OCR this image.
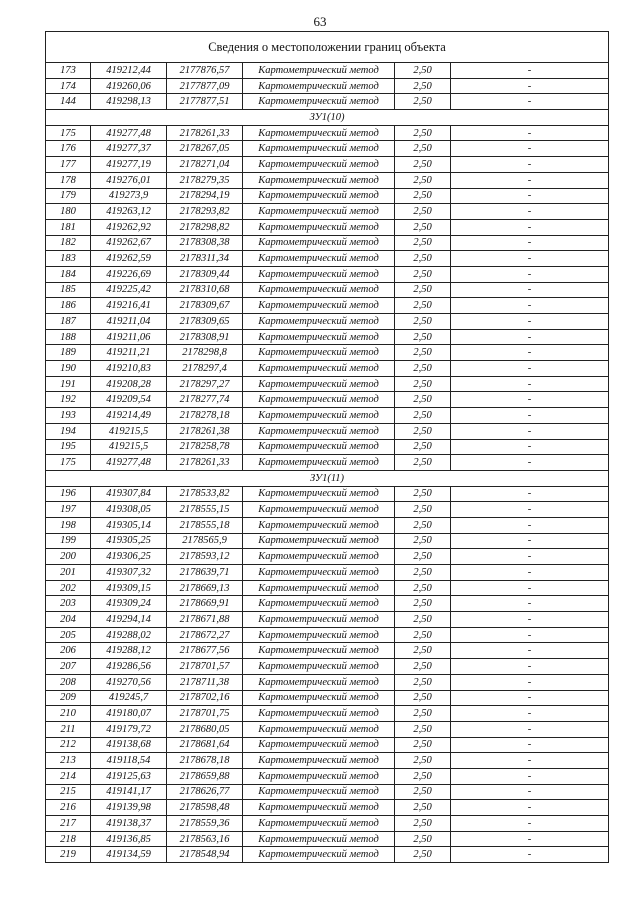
63
Сведения о местоположении границ объекта					
173	419212,44	2177876,57	Картометрический метод	2,50	-
174	419260,06	2177877,09	Картометрический метод	2,50	-
144	419298,13	2177877,51	Картометрический метод	2,50	-
ЗУ1(10)					
175	419277,48	2178261,33	Картометрический метод	2,50	-
176	419277,37	2178267,05	Картометрический метод	2,50	-
177	419277,19	2178271,04	Картометрический метод	2,50	-
178	419276,01	2178279,35	Картометрический метод	2,50	-
179	419273,9	2178294,19	Картометрический метод	2,50	-
180	419263,12	2178293,82	Картометрический метод	2,50	-
181	419262,92	2178298,82	Картометрический метод	2,50	-
182	419262,67	2178308,38	Картометрический метод	2,50	-
183	419262,59	2178311,34	Картометрический метод	2,50	-
184	419226,69	2178309,44	Картометрический метод	2,50	-
185	419225,42	2178310,68	Картометрический метод	2,50	-
186	419216,41	2178309,67	Картометрический метод	2,50	-
187	419211,04	2178309,65	Картометрический метод	2,50	-
188	419211,06	2178308,91	Картометрический метод	2,50	-
189	419211,21	2178298,8	Картометрический метод	2,50	-
190	419210,83	2178297,4	Картометрический метод	2,50	-
191	419208,28	2178297,27	Картометрический метод	2,50	-
192	419209,54	2178277,74	Картометрический метод	2,50	-
193	419214,49	2178278,18	Картометрический метод	2,50	-
194	419215,5	2178261,38	Картометрический метод	2,50	-
195	419215,5	2178258,78	Картометрический метод	2,50	-
175	419277,48	2178261,33	Картометрический метод	2,50	-
ЗУ1(11)					
196	419307,84	2178533,82	Картометрический метод	2,50	-
197	419308,05	2178555,15	Картометрический метод	2,50	-
198	419305,14	2178555,18	Картометрический метод	2,50	-
199	419305,25	2178565,9	Картометрический метод	2,50	-
200	419306,25	2178593,12	Картометрический метод	2,50	-
201	419307,32	2178639,71	Картометрический метод	2,50	-
202	419309,15	2178669,13	Картометрический метод	2,50	-
203	419309,24	2178669,91	Картометрический метод	2,50	-
204	419294,14	2178671,88	Картометрический метод	2,50	-
205	419288,02	2178672,27	Картометрический метод	2,50	-
206	419288,12	2178677,56	Картометрический метод	2,50	-
207	419286,56	2178701,57	Картометрический метод	2,50	-
208	419270,56	2178711,38	Картометрический метод	2,50	-
209	419245,7	2178702,16	Картометрический метод	2,50	-
210	419180,07	2178701,75	Картометрический метод	2,50	-
211	419179,72	2178680,05	Картометрический метод	2,50	-
212	419138,68	2178681,64	Картометрический метод	2,50	-
213	419118,54	2178678,18	Картометрический метод	2,50	-
214	419125,63	2178659,88	Картометрический метод	2,50	-
215	419141,17	2178626,77	Картометрический метод	2,50	-
216	419139,98	2178598,48	Картометрический метод	2,50	-
217	419138,37	2178559,36	Картометрический метод	2,50	-
218	419136,85	2178563,16	Картометрический метод	2,50	-
219	419134,59	2178548,94	Картометрический метод	2,50	-
